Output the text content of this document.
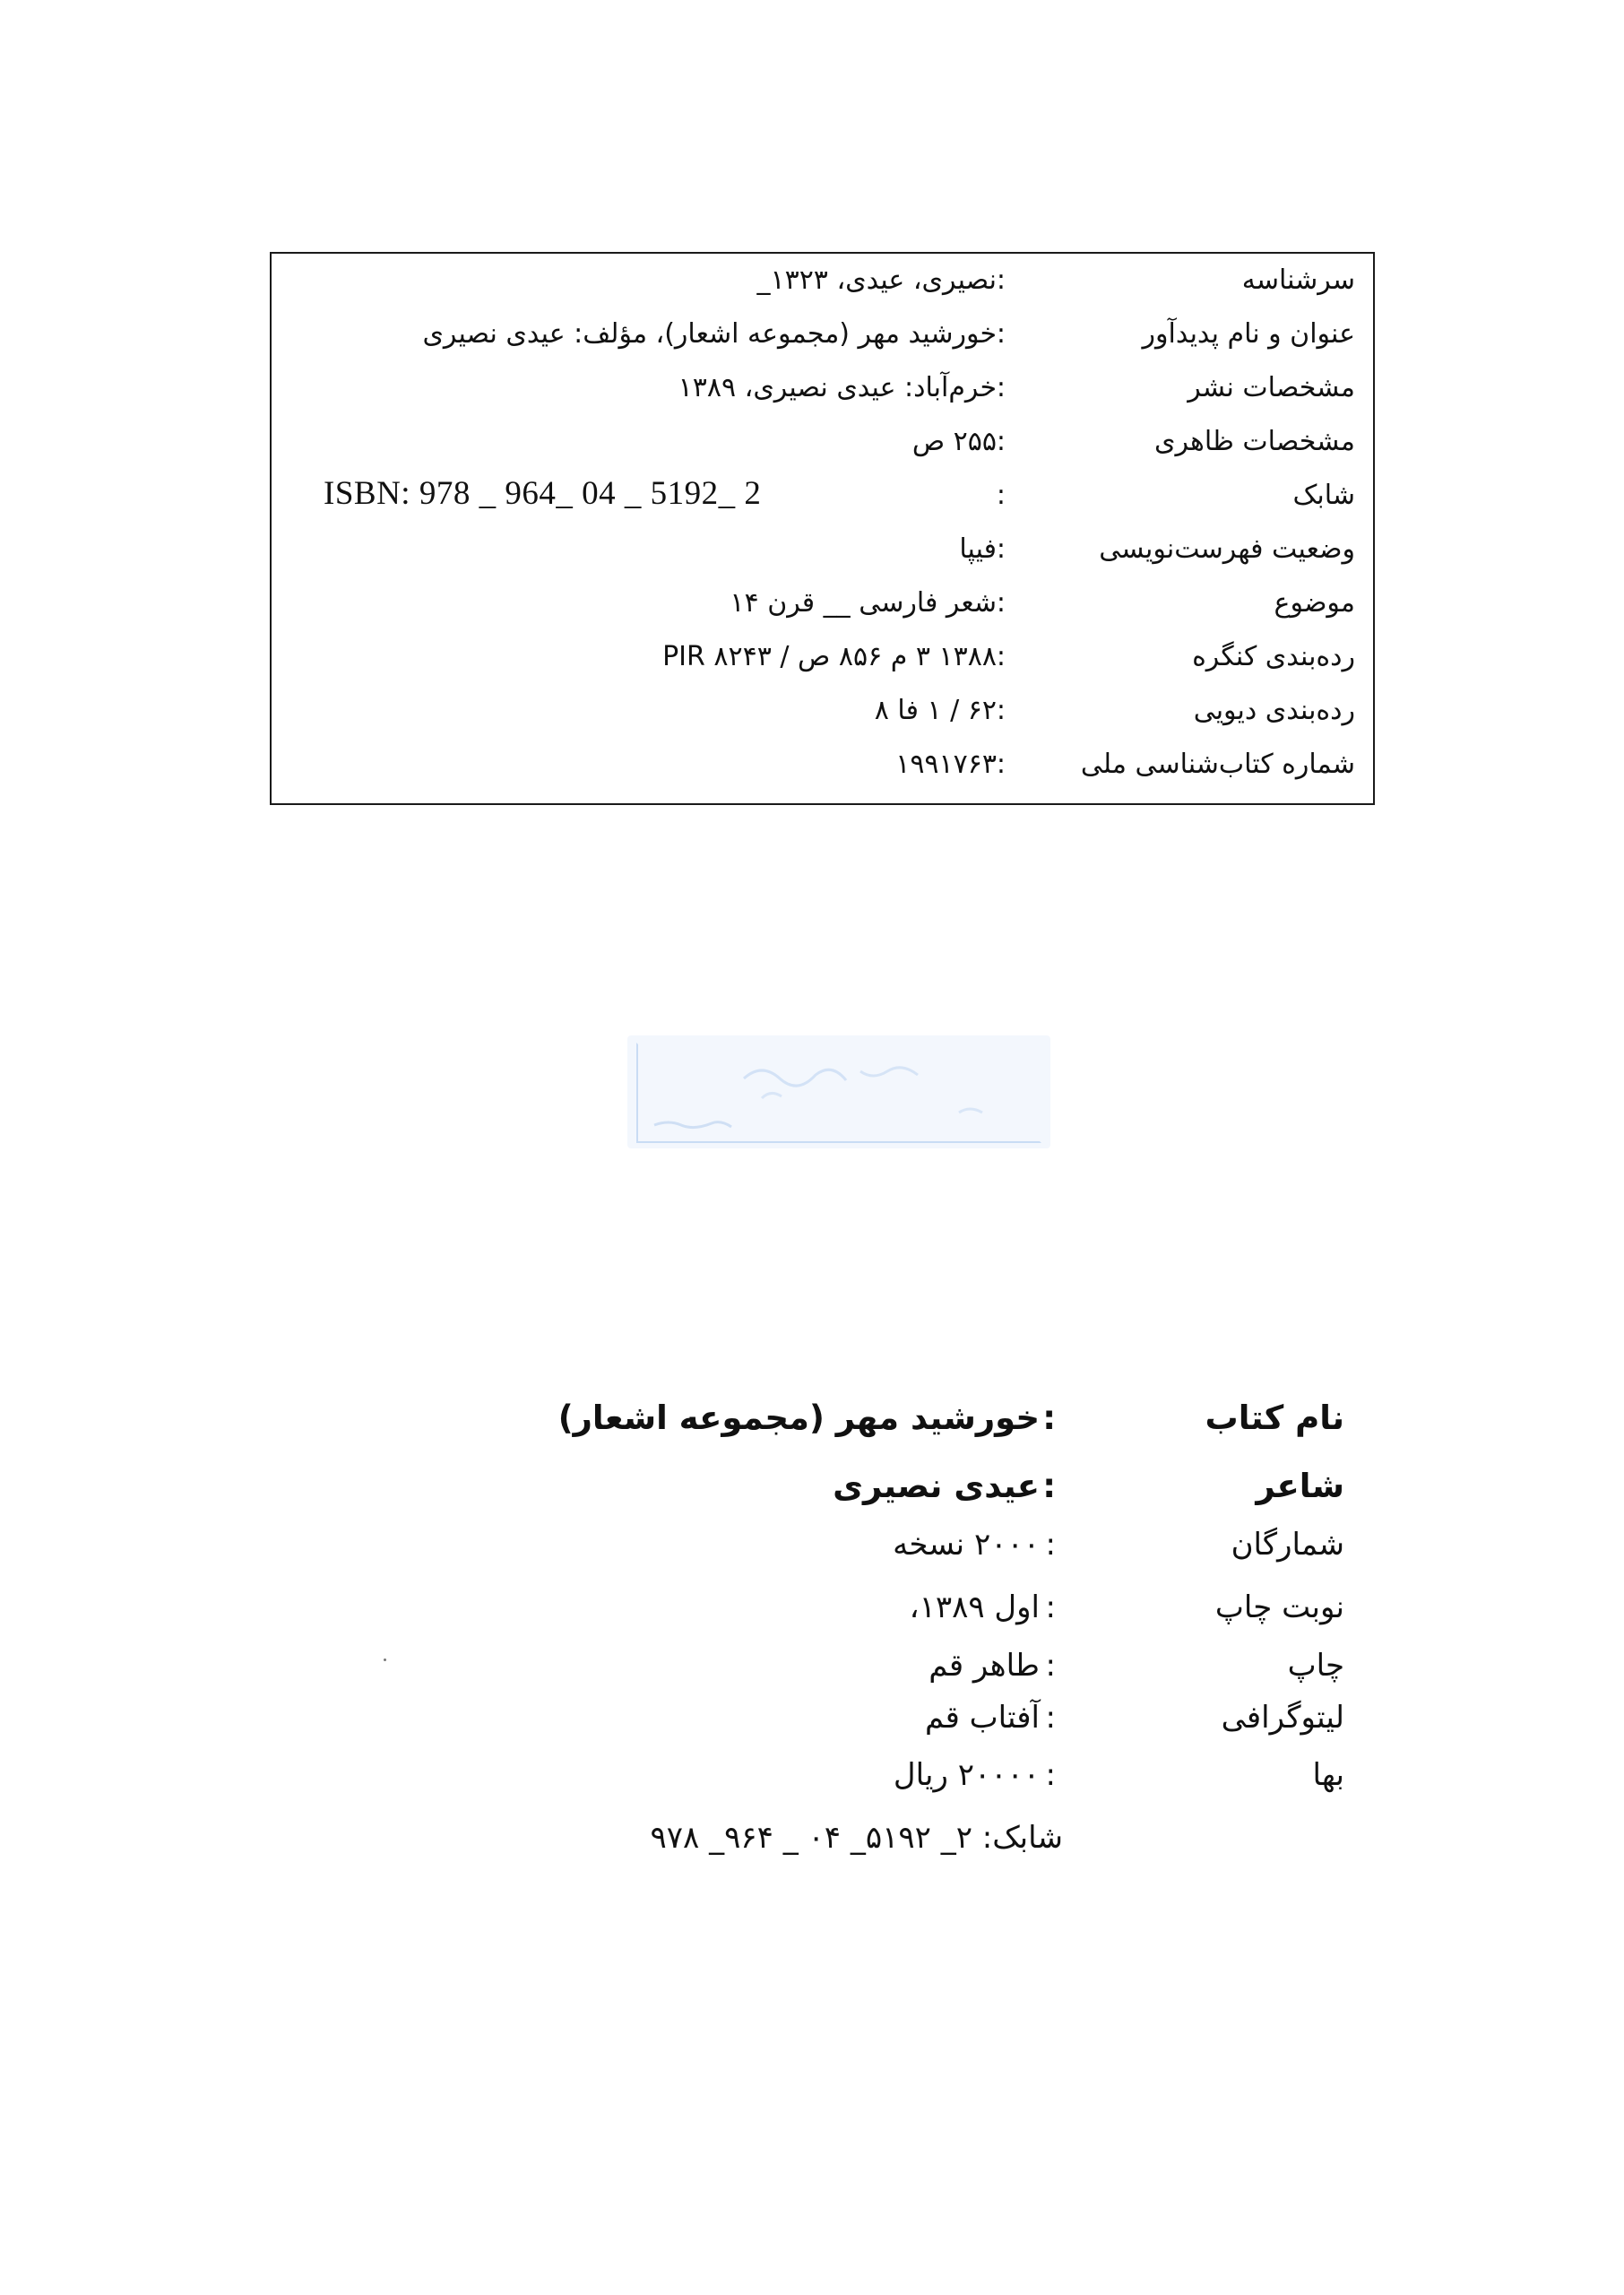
سرشناسه
:
نصیری، عیدی، ۱۳۲۳_
عنوان و نام پدیدآور
:
خورشید مهر (مجموعه اشعار)، مؤلف: عیدی نصیری
مشخصات نشر
:
خرم‌آباد: عیدی نصیری، ۱۳۸۹
مشخصات ظاهری
:
۲۵۵ ص
شابک
:
ISBN: 978 _ 964_ 04 _ 5192_ 2
وضعیت فهرست‌نویسی
:
فیپا
موضوع
:
شعر فارسی __ قرن ۱۴
رده‌بندی کنگره
:
۱۳۸۸ ۳ م ۸۵۶ ص / PIR ۸۲۴۳
رده‌بندی دیویی
:
۶۲ / ۱ فا ۸
شماره کتاب‌شناسی ملی
:
۱۹۹۱۷۶۳
نام کتاب
:
خورشید مهر (مجموعه اشعار)
شاعر
:
عیدی نصیری
شمارگان
:
۲۰۰۰ نسخه
نوبت چاپ
:
اول ۱۳۸۹،
چاپ
:
طاهر قم
لیتوگرافی
:
آفتاب قم
بها
:
۲۰۰۰۰ ریال
شابک: ۲_ ۵۱۹۲_ ۰۴ _ ۹۶۴_ ۹۷۸
